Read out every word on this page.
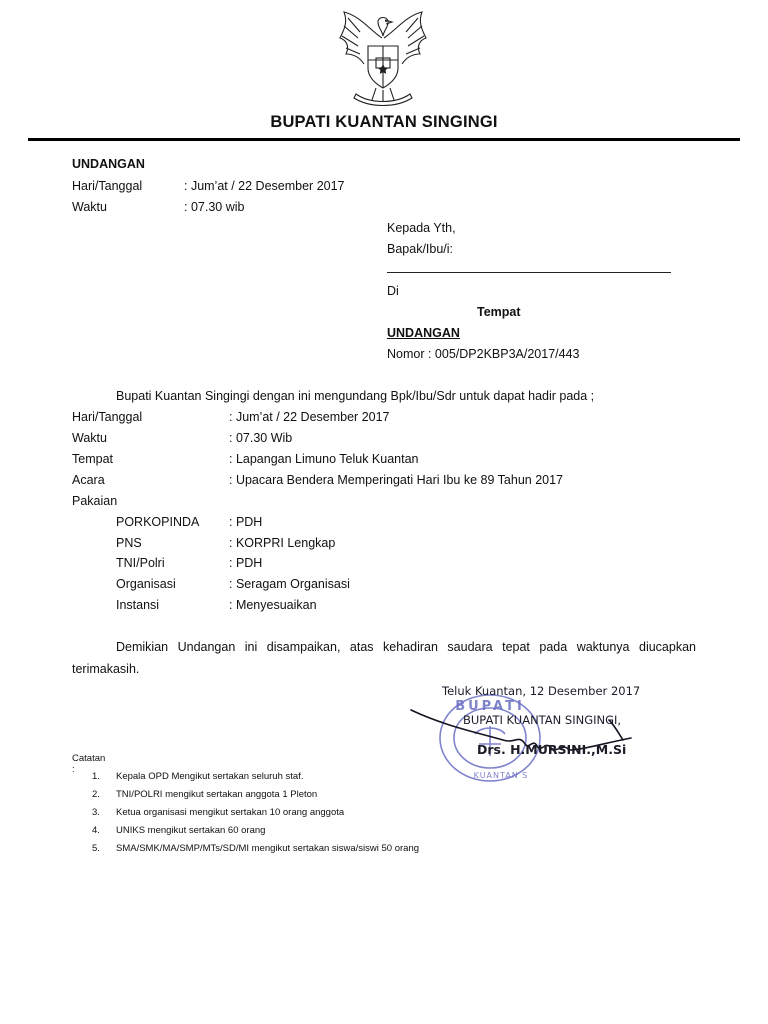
BUPATI KUANTAN SINGINGI
UNDANGAN
Hari/Tanggal	: Jum’at / 22 Desember 2017
Waktu	: 07.30 wib
Kepada Yth,
Bapak/Ibu/i:
Di
Tempat
UNDANGAN
Nomor : 005/DP2KBP3A/2017/443
Bupati Kuantan Singingi dengan ini mengundang Bpk/Ibu/Sdr untuk dapat hadir pada ;
Hari/Tanggal	: Jum’at / 22 Desember 2017
Waktu	: 07.30 Wib
Tempat	: Lapangan Limuno Teluk Kuantan
Acara	: Upacara Bendera Memperingati Hari Ibu ke 89 Tahun 2017
Pakaian
PORKOPINDA : PDH
PNS	: KORPRI Lengkap
TNI/Polri	: PDH
Organisasi	: Seragam Organisasi
Instansi	: Menyesuaikan
Demikian Undangan ini disampaikan, atas kehadiran saudara tepat pada waktunya diucapkan terimakasih.
BUPATI
KUANTAN S
Teluk Kuantan, 12 Desember 2017
BUPATI KUANTAN SINGINGI,
Drs. H.MURSINI.,M.Si
Catatan :
1. Kepala OPD Mengikut sertakan seluruh staf.
2. TNI/POLRI mengikut sertakan anggota 1 Pleton
3. Ketua organisasi mengikut sertakan 10 orang anggota
4. UNIKS mengikut sertakan 60 orang
5. SMA/SMK/MA/SMP/MTs/SD/MI mengikut sertakan siswa/siswi 50 orang
